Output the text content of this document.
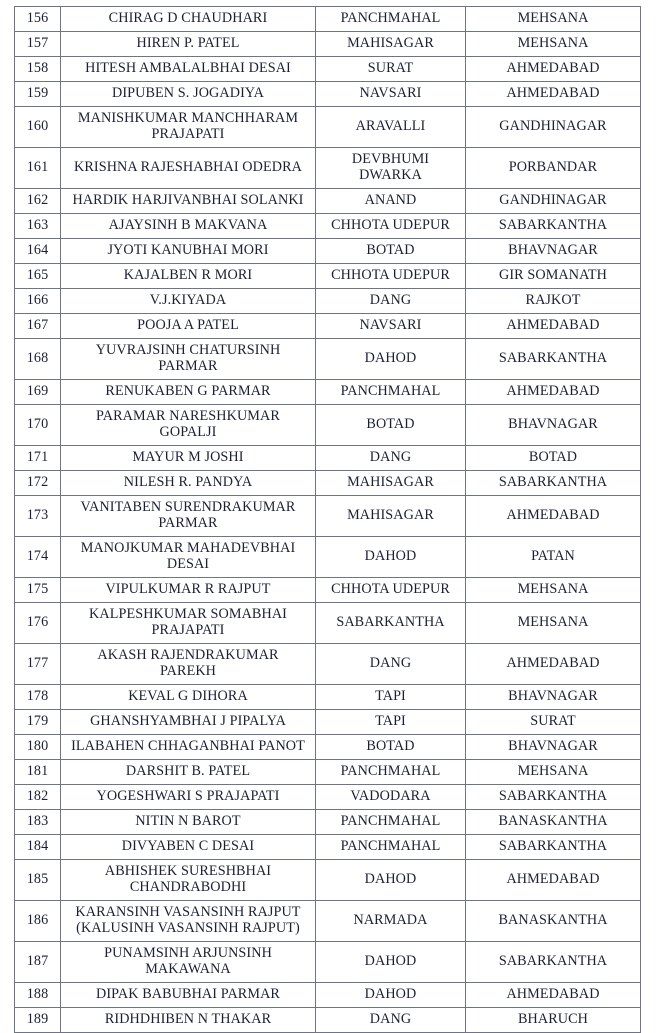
156	CHIRAG D CHAUDHARI	PANCHMAHAL	MEHSANA
157	HIREN P. PATEL	MAHISAGAR	MEHSANA
158	HITESH AMBALALBHAI DESAI	SURAT	AHMEDABAD
159	DIPUBEN S. JOGADIYA	NAVSARI	AHMEDABAD
160	MANISHKUMAR MANCHHARAM
PRAJAPATI	ARAVALLI	GANDHINAGAR
161	KRISHNA RAJESHABHAI ODEDRA	DEVBHUMI
DWARKA	PORBANDAR
162	HARDIK HARJIVANBHAI SOLANKI	ANAND	GANDHINAGAR
163	AJAYSINH B MAKVANA	CHHOTA UDEPUR	SABARKANTHA
164	JYOTI KANUBHAI MORI	BOTAD	BHAVNAGAR
165	KAJALBEN R MORI	CHHOTA UDEPUR	GIR SOMANATH
166	V.J.KIYADA	DANG	RAJKOT
167	POOJA A PATEL	NAVSARI	AHMEDABAD
168	YUVRAJSINH CHATURSINH
PARMAR	DAHOD	SABARKANTHA
169	RENUKABEN G PARMAR	PANCHMAHAL	AHMEDABAD
170	PARAMAR NARESHKUMAR
GOPALJI	BOTAD	BHAVNAGAR
171	MAYUR M JOSHI	DANG	BOTAD
172	NILESH R. PANDYA	MAHISAGAR	SABARKANTHA
173	VANITABEN SURENDRAKUMAR
PARMAR	MAHISAGAR	AHMEDABAD
174	MANOJKUMAR MAHADEVBHAI
DESAI	DAHOD	PATAN
175	VIPULKUMAR R RAJPUT	CHHOTA UDEPUR	MEHSANA
176	KALPESHKUMAR SOMABHAI
PRAJAPATI	SABARKANTHA	MEHSANA
177	AKASH RAJENDRAKUMAR
PAREKH	DANG	AHMEDABAD
178	KEVAL G DIHORA	TAPI	BHAVNAGAR
179	GHANSHYAMBHAI J PIPALYA	TAPI	SURAT
180	ILABAHEN CHHAGANBHAI PANOT	BOTAD	BHAVNAGAR
181	DARSHIT B. PATEL	PANCHMAHAL	MEHSANA
182	YOGESHWARI S PRAJAPATI	VADODARA	SABARKANTHA
183	NITIN N BAROT	PANCHMAHAL	BANASKANTHA
184	DIVYABEN C DESAI	PANCHMAHAL	SABARKANTHA
185	ABHISHEK SURESHBHAI
CHANDRABODHI	DAHOD	AHMEDABAD
186	KARANSINH VASANSINH RAJPUT
(KALUSINH VASANSINH RAJPUT)	NARMADA	BANASKANTHA
187	PUNAMSINH ARJUNSINH
MAKAWANA	DAHOD	SABARKANTHA
188	DIPAK BABUBHAI PARMAR	DAHOD	AHMEDABAD
189	RIDHDHIBEN N THAKAR	DANG	BHARUCH
